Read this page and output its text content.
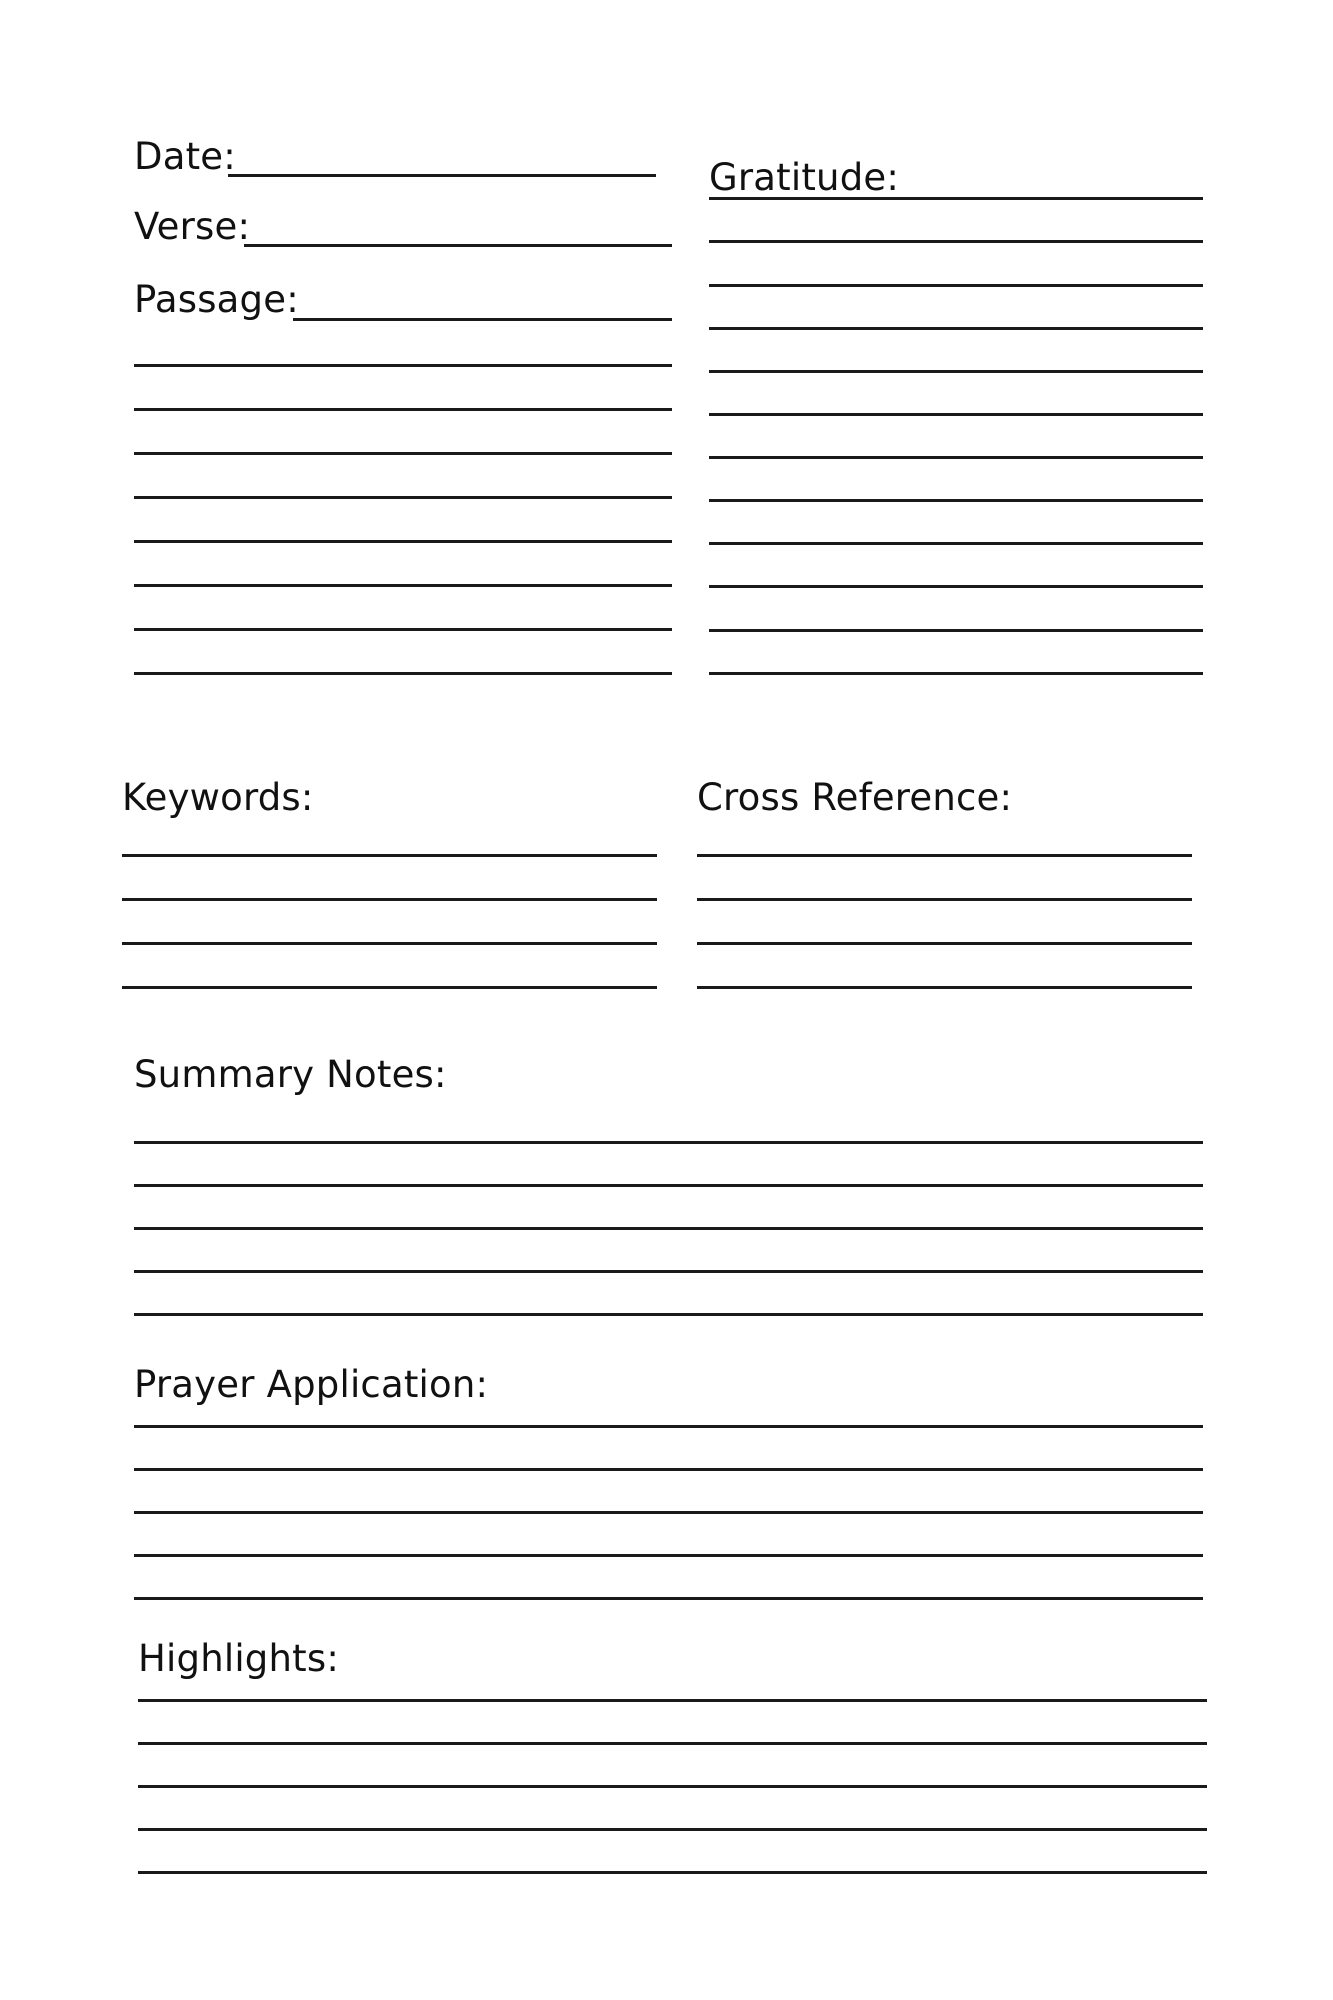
Date:
Verse:
Passage:
Gratitude:
Keywords:	Cross Reference:
Summary Notes:
Prayer Application:
Highlights:
